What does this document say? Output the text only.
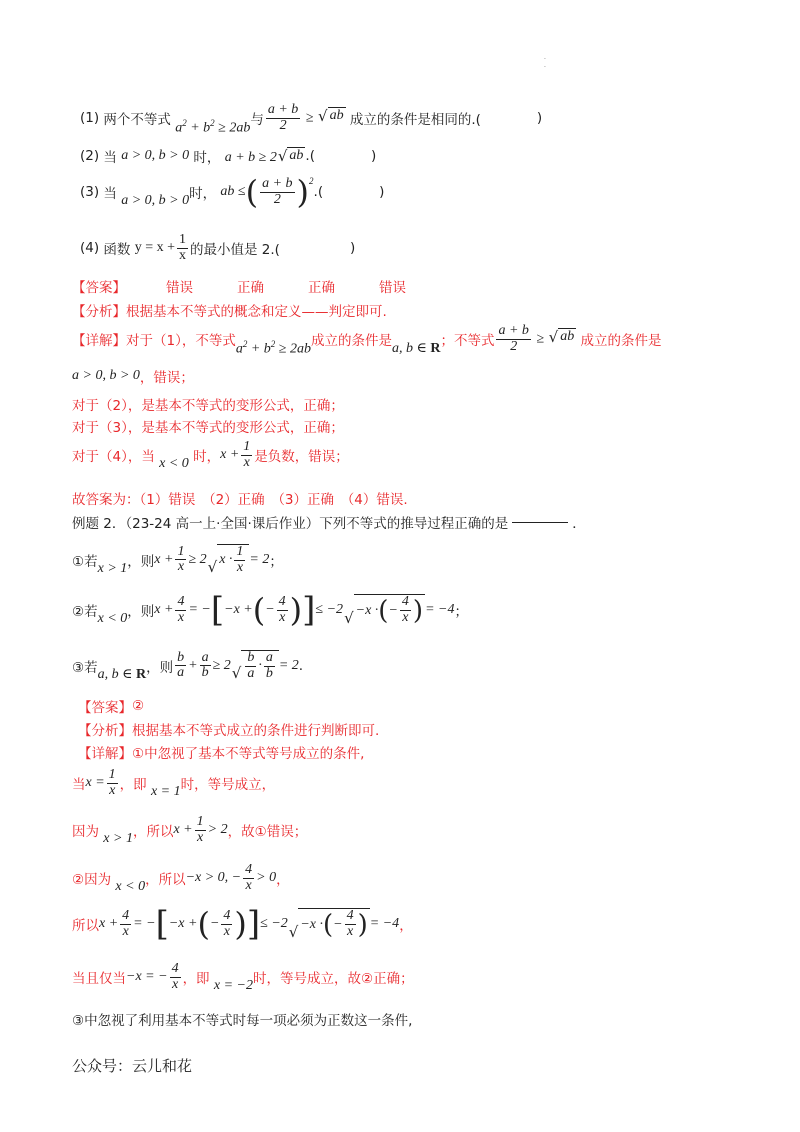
·
·
(1)
两个不等式
$a^2 + b^2 \ge 2ab$ 与 $\frac{a + b}{2}$ ≥ √ ab
成立的条件是相同的.(	)
(2)
当
a > 0, b > 0
时，
a + b ≥ 2 √ ab .(	)
(3)
当
a > 0, b > 0 时，
ab ≤ ( $\frac{a + b}{2}$ ) 2
.(	)
(4)
函数
$y = x + \frac{1}{x}$ 的最小值是 2.(	)
【答案】	错误	正确	正确	错误
【分析】 根据基本不等式的概念和定义——判定即可.
【详解】 对于（1），不等式 $a^2 + b^2 \ge 2ab$ 成立的条件是 a, b ∈ R ；不等式 $\frac{a + b}{2}$ ≥ √ ab
成立的条件是
a > 0, b > 0 ，错误；
对于（2），是基本不等式的变形公式，正确；
对于（3），是基本不等式的变形公式，正确；
对于（4），当
x < 0
时， $x + \frac{1}{x}$ 是负数，错误；
故答案为：（1）错误　（2）正确　（3）正确　（4）错误.
例题 2．（23-24 高一上·全国·课后作业）下列不等式的推导过程正确的是	．
①若 x > 1 ，则 $x + \frac{1}{x} \ge 2$ √ $x \cdot \frac{1}{x} = 2$ ；
②若 x < 0 ，则 $x + \frac{4}{x}$ = − [ −x + ( − $\frac{4}{x}$ ) ] ≤ −2 √ −x · ( − $\frac{4}{x}$ ) = −4 ；
③若 a, b ∈ R ，则 $\frac{b}{a} + \frac{a}{b} \ge 2$ √ $\frac{b}{a} \cdot \frac{a}{b} = 2$ .
【答案】 ②
【分析】 根据基本不等式成立的条件进行判断即可.
【详解】 ①中忽视了基本不等式等号成立的条件,
当 $x = \frac{1}{x}$ ，即
x = 1 时，等号成立，
因为
x > 1 ，所以 $x + \frac{1}{x} > 2$ ，故①错误；
②因为
x < 0 ，所以 −x > 0, − $\frac{4}{x} > 0$ ，
所以 $x + \frac{4}{x}$ = − [ −x + ( − $\frac{4}{x}$ ) ] ≤ −2 √ −x · ( − $\frac{4}{x}$ ) = −4 ，
当且仅当 −x = − $\frac{4}{x}$ ，即
x = −2 时，等号成立，故②正确；
③中忽视了利用基本不等式时每一项必须为正数这一条件,
公众号：云儿和花
